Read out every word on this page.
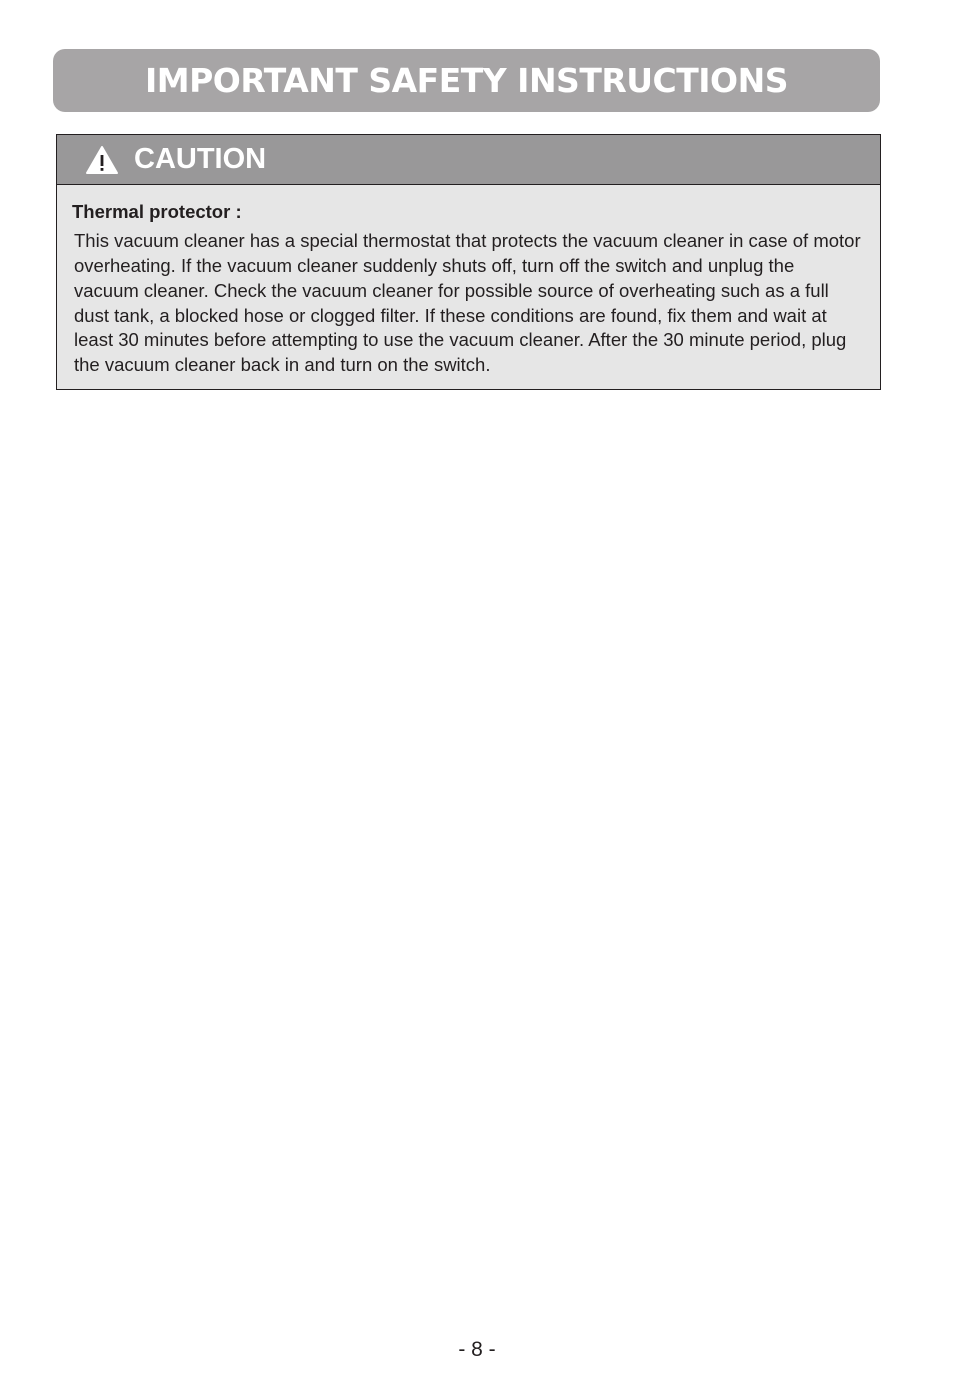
IMPORTANT SAFETY INSTRUCTIONS
CAUTION
Thermal protector :

This vacuum cleaner has a special thermostat that protects the vacuum cleaner in case of motor overheating. If the vacuum cleaner suddenly shuts off, turn off the switch and unplug the vacuum cleaner. Check the vacuum cleaner for possible source of overheating such as a full dust tank, a blocked hose or clogged filter. If these conditions are found, fix them and wait at least 30 minutes before attempting to use the vacuum cleaner. After the 30 minute period, plug the vacuum cleaner back in and turn on the switch.

- 8 -
